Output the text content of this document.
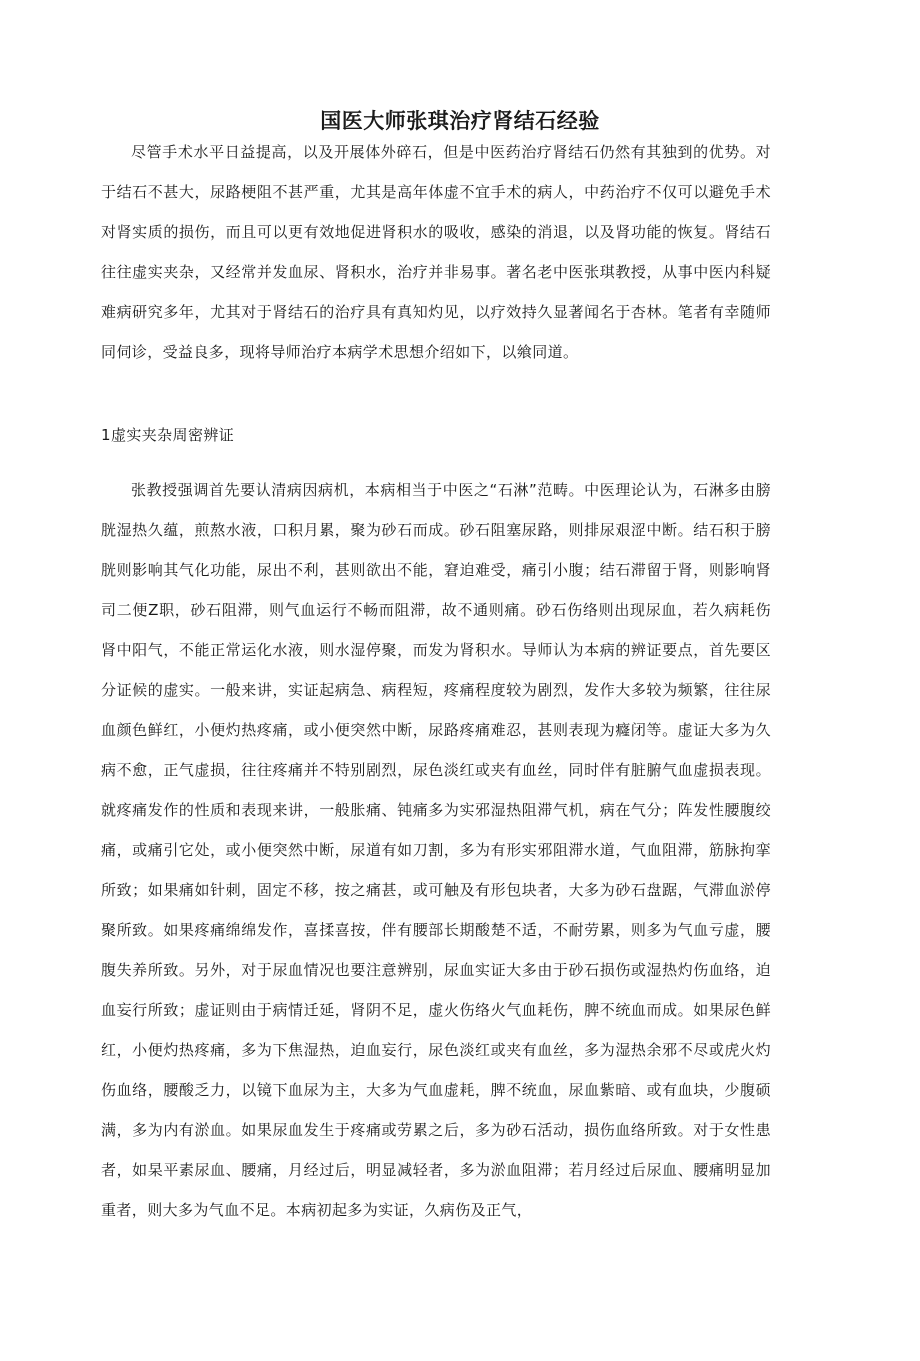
国医大师张琪治疗肾结石经验

尽管手术水平日益提高，以及开展体外碎石，但是中医药治疗肾结石仍然有其独到的优势。对于结石不甚大，尿路梗阻不甚严重，尤其是高年体虚不宜手术的病人，中药治疗不仅可以避免手术对肾实质的损伤，而且可以更有效地促进肾积水的吸收，感染的消退，以及肾功能的恢复。肾结石往往虚实夹杂，又经常并发血尿、肾积水，治疗并非易事。著名老中医张琪教授，从事中医内科疑难病研究多年，尤其对于肾结石的治疗具有真知灼见，以疗效持久显著闻名于杏林。笔者有幸随师同伺诊，受益良多，现将导师治疗本病学术思想介绍如下，以飨同道。

1虚实夹杂周密辨证

张教授强调首先要认清病因病机，本病相当于中医之“石淋”范畴。中医理论认为，石淋多由膀胱湿热久蕴，煎熬水液，口积月累，聚为砂石而成。砂石阻塞尿路，则排尿艰涩中断。结石积于膀胱则影响其气化功能，尿出不利，甚则欲出不能，窘迫难受，痛引小腹；结石滞留于肾，则影响肾司二便Z职，砂石阻滞，则气血运行不畅而阻滞，故不通则痛。砂石伤络则出现尿血，若久病耗伤肾中阳气，不能正常运化水液，则水湿停聚，而发为肾积水。导师认为本病的辨证要点，首先要区分证候的虚实。一般来讲，实证起病急、病程短，疼痛程度较为剧烈，发作大多较为频繁，往往尿血颜色鲜红，小便灼热疼痛，或小便突然中断，尿路疼痛难忍，甚则表现为癃闭等。虚证大多为久病不愈，正气虚损，往往疼痛并不特别剧烈，尿色淡红或夹有血丝，同时伴有脏腑气血虚损表现。就疼痛发作的性质和表现来讲，一般胀痛、钝痛多为实邪湿热阻滞气机，病在气分；阵发性腰腹绞痛，或痛引它处，或小便突然中断，尿道有如刀割，多为有形实邪阻滞水道，气血阻滞，筋脉拘挛所致；如果痛如针刺，固定不移，按之痛甚，或可触及有形包块者，大多为砂石盘踞，气滞血淤停聚所致。如果疼痛绵绵发作，喜揉喜按，伴有腰部长期酸楚不适，不耐劳累，则多为气血亏虚，腰腹失养所致。另外，对于尿血情况也要注意辨别，尿血实证大多由于砂石损伤或湿热灼伤血络，迫血妄行所致；虚证则由于病情迁延，肾阴不足，虚火伤络火气血耗伤，脾不统血而成。如果尿色鲜红，小便灼热疼痛，多为下焦湿热，迫血妄行，尿色淡红或夹有血丝，多为湿热余邪不尽或虎火灼伤血络，腰酸乏力，以镜下血尿为主，大多为气血虚耗，脾不统血，尿血紫暗、或有血块，少腹硕满，多为内有淤血。如果尿血发生于疼痛或劳累之后，多为砂石活动，损伤血络所致。对于女性患者，如杲平素尿血、腰痛，月经过后，明显减轻者，多为淤血阻滞；若月经过后尿血、腰痛明显加重者，则大多为气血不足。本病初起多为实证，久病伤及正气，
